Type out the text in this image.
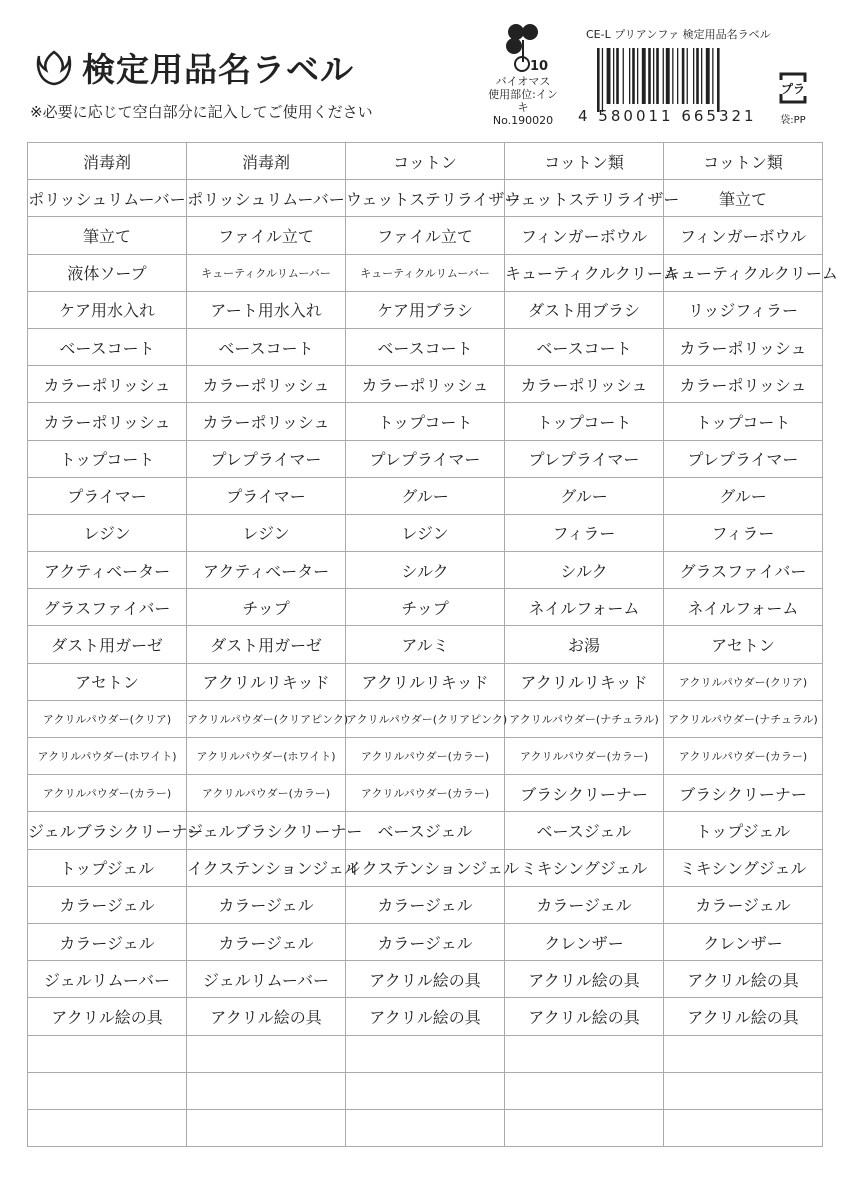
検定用品名ラベル
※必要に応じて空白部分に記入してご使用ください
10
バイオマス
使用部位:インキ
No.190020
CE-L プリアンファ 検定用品名ラベル
4 580011 665321
プラ
袋:PP
消毒剤	消毒剤	コットン	コットン類	コットン類
ポリッシュリムーバー	ポリッシュリムーバー	ウェットステリライザー	ウェットステリライザー	筆立て
筆立て	ファイル立て	ファイル立て	フィンガーボウル	フィンガーボウル
液体ソープ	キューティクルリムーバー	キューティクルリムーバー	キューティクルクリーム	キューティクルクリーム
ケア用水入れ	アート用水入れ	ケア用ブラシ	ダスト用ブラシ	リッジフィラー
ベースコート	ベースコート	ベースコート	ベースコート	カラーポリッシュ
カラーポリッシュ	カラーポリッシュ	カラーポリッシュ	カラーポリッシュ	カラーポリッシュ
カラーポリッシュ	カラーポリッシュ	トップコート	トップコート	トップコート
トップコート	プレプライマー	プレプライマー	プレプライマー	プレプライマー
プライマー	プライマー	グルー	グルー	グルー
レジン	レジン	レジン	フィラー	フィラー
アクティベーター	アクティベーター	シルク	シルク	グラスファイバー
グラスファイバー	チップ	チップ	ネイルフォーム	ネイルフォーム
ダスト用ガーゼ	ダスト用ガーゼ	アルミ	お湯	アセトン
アセトン	アクリルリキッド	アクリルリキッド	アクリルリキッド	アクリルパウダー(クリア)
アクリルパウダー(クリア)	アクリルパウダー(クリアピンク)	アクリルパウダー(クリアピンク)	アクリルパウダー(ナチュラル)	アクリルパウダー(ナチュラル)
アクリルパウダー(ホワイト)	アクリルパウダー(ホワイト)	アクリルパウダー(カラー)	アクリルパウダー(カラー)	アクリルパウダー(カラー)
アクリルパウダー(カラー)	アクリルパウダー(カラー)	アクリルパウダー(カラー)	ブラシクリーナー	ブラシクリーナー
ジェルブラシクリーナー	ジェルブラシクリーナー	ベースジェル	ベースジェル	トップジェル
トップジェル	イクステンションジェル	イクステンションジェル	ミキシングジェル	ミキシングジェル
カラージェル	カラージェル	カラージェル	カラージェル	カラージェル
カラージェル	カラージェル	カラージェル	クレンザー	クレンザー
ジェルリムーバー	ジェルリムーバー	アクリル絵の具	アクリル絵の具	アクリル絵の具
アクリル絵の具	アクリル絵の具	アクリル絵の具	アクリル絵の具	アクリル絵の具
